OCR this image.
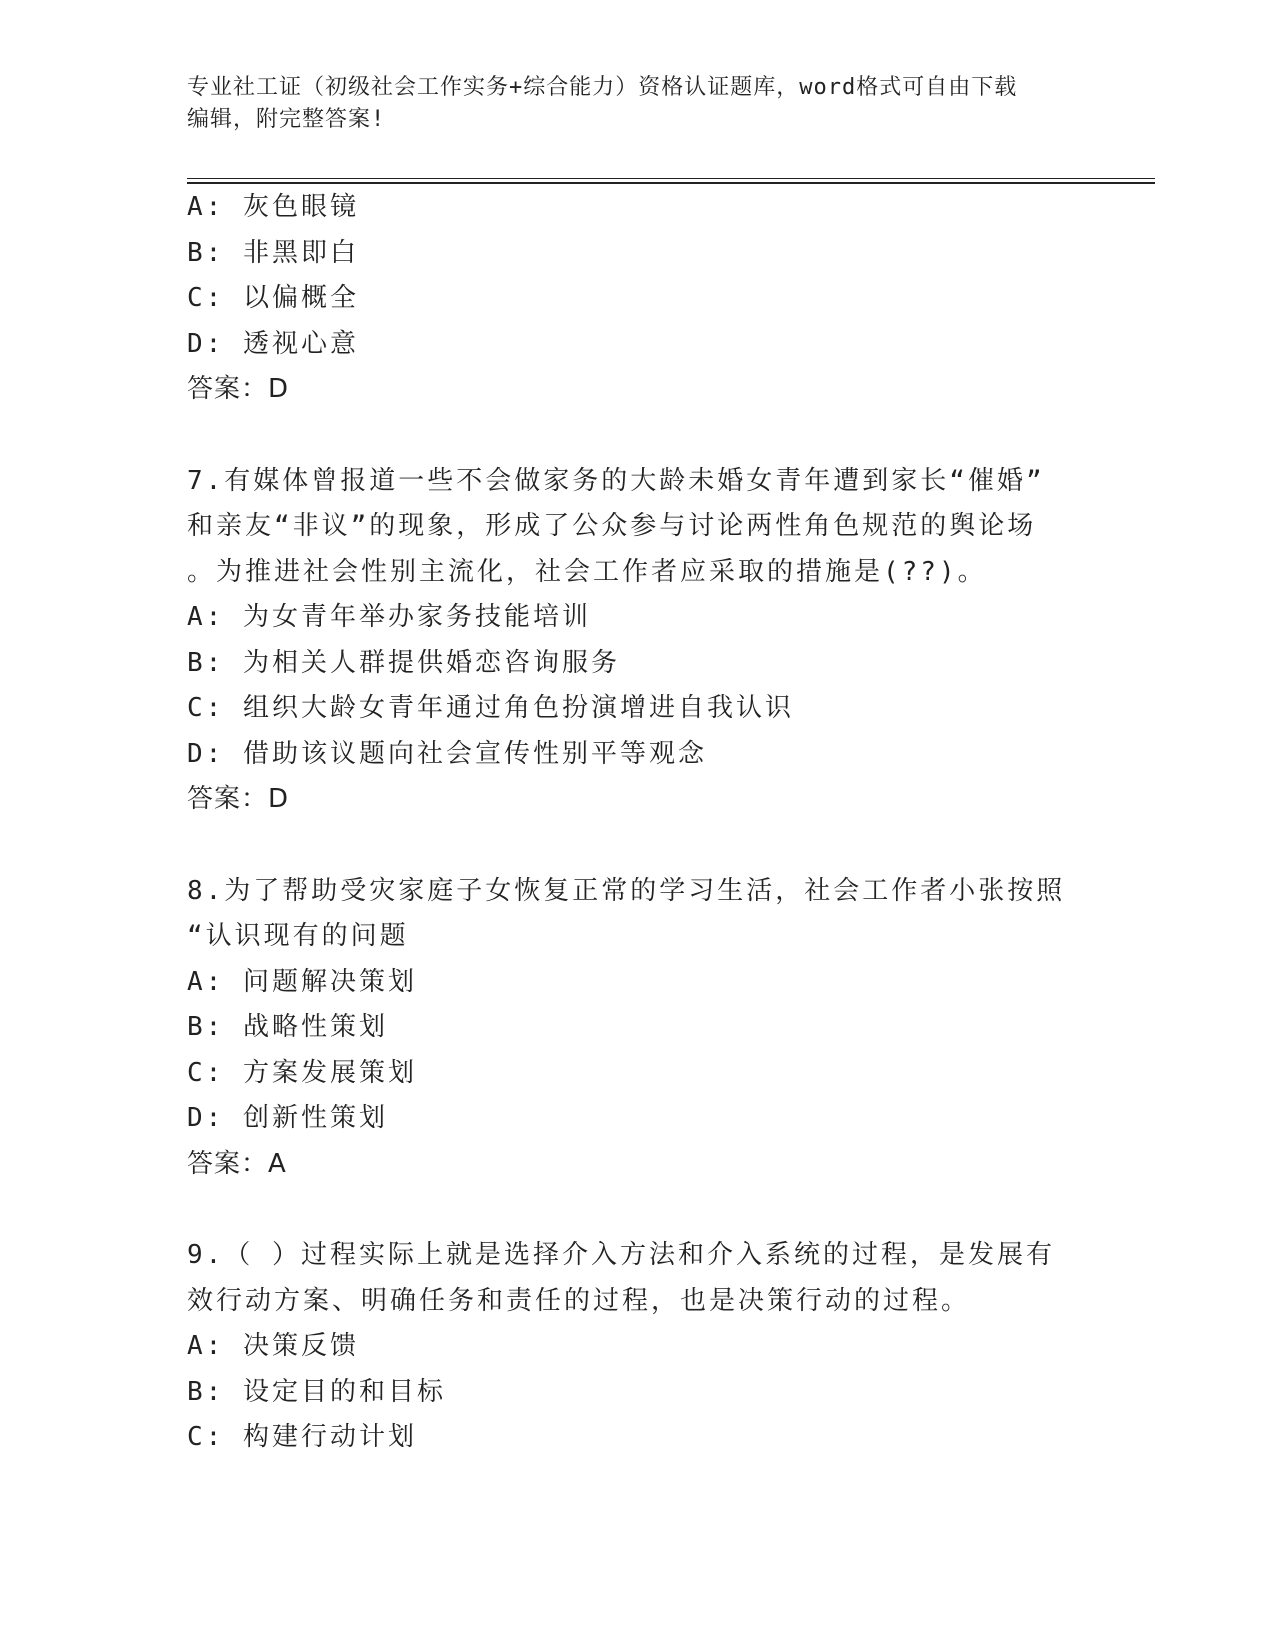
专业社工证（初级社会工作实务+综合能力）资格认证题库，word格式可自由下载
编辑，附完整答案!
A: 灰色眼镜
B: 非黑即白
C: 以偏概全
D: 透视心意
答案：D
7.有媒体曾报道一些不会做家务的大龄未婚女青年遭到家长“催婚”
和亲友“非议”的现象，形成了公众参与讨论两性角色规范的舆论场
。为推进社会性别主流化，社会工作者应采取的措施是(??)。
A: 为女青年举办家务技能培训
B: 为相关人群提供婚恋咨询服务
C: 组织大龄女青年通过角色扮演增进自我认识
D: 借助该议题向社会宣传性别平等观念
答案：D
8.为了帮助受灾家庭子女恢复正常的学习生活，社会工作者小张按照
“认识现有的问题
A: 问题解决策划
B: 战略性策划
C: 方案发展策划
D: 创新性策划
答案：A
9.（ ）过程实际上就是选择介入方法和介入系统的过程，是发展有
效行动方案、明确任务和责任的过程，也是决策行动的过程。
A: 决策反馈
B: 设定目的和目标
C: 构建行动计划
